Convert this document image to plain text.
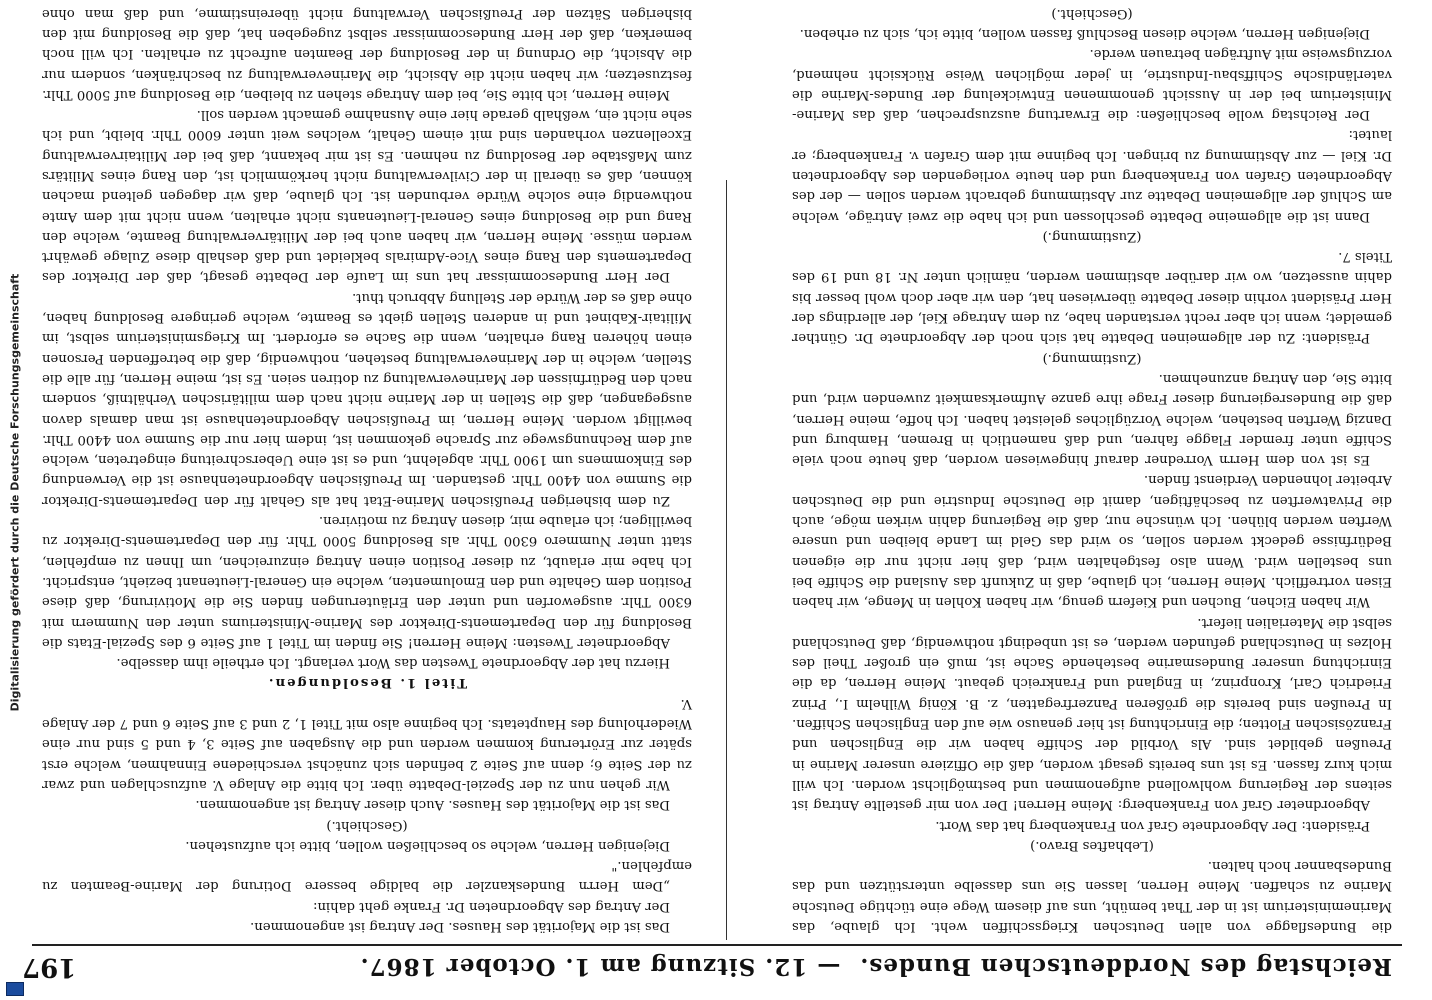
Reichstag des Norddeutschen Bundes. — 12. Sitzung am 1. October 1867.
197

die Bundesflagge von allen Deutschen Kriegsschiffen weht. Ich glaube, das Marineministerium ist in der That bemüht, uns auf diesem Wege eine tüchtige Deutsche Marine zu schaffen. Meine Herren, lassen Sie uns dasselbe unterstützen und das Bundesbanner hoch halten.

(Lebhaftes Bravo.)

Präsident: Der Abgeordnete Graf von Frankenberg hat das Wort.

Abgeordneter Graf von Frankenberg: Meine Herren! Der von mir gestellte Antrag ist seitens der Regierung wohlwollend aufgenommen und bestmöglichst worden. Ich will mich kurz fassen. Es ist uns bereits gesagt worden, daß die Offiziere unserer Marine in Preußen gebildet sind. Als Vorbild der Schiffe haben wir die Englischen und Französischen Flotten; die Einrichtung ist hier genauso wie auf den Englischen Schiffen. In Preußen sind bereits die größeren Panzerfregatten, z. B. König Wilhelm I., Prinz Friedrich Carl, Kronprinz, in England und Frankreich gebaut. Meine Herren, da die Einrichtung unserer Bundesmarine bestehende Sache ist, muß ein großer Theil des Holzes in Deutschland gefunden werden, es ist unbedingt nothwendig, daß Deutschland selbst die Materialien liefert.

Wir haben Eichen, Buchen und Kiefern genug, wir haben Kohlen in Menge, wir haben Eisen vortrefflich. Meine Herren, ich glaube, daß in Zukunft das Ausland die Schiffe bei uns bestellen wird. Wenn also festgehalten wird, daß hier nicht nur die eigenen Bedürfnisse gedeckt werden sollen, so wird das Geld im Lande bleiben und unsere Werften werden blühen. Ich wünsche nur, daß die Regierung dahin wirken möge, auch die Privatwerften zu beschäftigen, damit die Deutsche Industrie und die Deutschen Arbeiter lohnenden Verdienst finden.

Es ist von dem Herrn Vorredner darauf hingewiesen worden, daß heute noch viele Schiffe unter fremder Flagge fahren, und daß namentlich in Bremen, Hamburg und Danzig Werften bestehen, welche Vorzügliches geleistet haben. Ich hoffe, meine Herren, daß die Bundesregierung dieser Frage ihre ganze Aufmerksamkeit zuwenden wird, und bitte Sie, den Antrag anzunehmen.

(Zustimmung.)

Präsident: Zu der allgemeinen Debatte hat sich noch der Abgeordnete Dr. Günther gemeldet; wenn ich aber recht verstanden habe, zu dem Antrage Kiel, der allerdings der Herr Präsident vorhin dieser Debatte überwiesen hat, den wir aber doch wohl besser bis dahin aussetzen, wo wir darüber abstimmen werden, nämlich unter Nr. 18 und 19 des Titels 7.

(Zustimmung.)

Dann ist die allgemeine Debatte geschlossen und ich habe die zwei Anträge, welche am Schluß der allgemeinen Debatte zur Abstimmung gebracht werden sollen — der des Abgeordneten Grafen von Frankenberg und den heute vorliegenden des Abgeordneten Dr. Kiel — zur Abstimmung zu bringen. Ich beginne mit dem Grafen v. Frankenberg; er lautet:

Der Reichstag wolle beschließen: die Erwartung auszusprechen, daß das Marine-Ministerium bei der in Aussicht genommenen Entwickelung der Bundes-Marine die vaterländische Schiffsbau-Industrie, in jeder möglichen Weise Rücksicht nehmend, vorzugsweise mit Aufträgen betrauen werde.

Diejenigen Herren, welche diesen Beschluß fassen wollen, bitte ich, sich zu erheben.

(Geschieht.)

Das ist die Majorität des Hauses. Der Antrag ist angenommen.

Der Antrag des Abgeordneten Dr. Franke geht dahin:

„Dem Herrn Bundeskanzler die baldige bessere Dotirung der Marine-Beamten zu empfehlen."

Diejenigen Herren, welche so beschließen wollen, bitte ich aufzustehen.

(Geschieht.)

Das ist die Majorität des Hauses. Auch dieser Antrag ist angenommen.

Wir gehen nun zu der Speziel-Debatte über. Ich bitte die Anlage V. aufzuschlagen und zwar zu der Seite 6; denn auf Seite 2 befinden sich zunächst verschiedene Einnahmen, welche erst später zur Erörterung kommen werden und die Ausgaben auf Seite 3, 4 und 5 sind nur eine Wiederholung des Hauptetats. Ich beginne also mit Titel 1, 2 und 3 auf Seite 6 und 7 der Anlage V.

Titel 1. Besoldungen.

Hierzu hat der Abgeordnete Twesten das Wort verlangt. Ich ertheile ihm dasselbe.

Abgeordneter Twesten: Meine Herren! Sie finden im Titel 1 auf Seite 6 des Spezial-Etats die Besoldung für den Departements-Direktor des Marine-Ministeriums unter den Nummern mit 6300 Thlr. ausgeworfen und unter den Erläuterungen finden Sie die Motivirung, daß diese Position dem Gehalte und den Emolumenten, welche ein General-Lieutenant bezieht, entspricht. Ich habe mir erlaubt, zu dieser Position einen Antrag einzureichen, um Ihnen zu empfehlen, statt unter Nummero 6300 Thlr. als Besoldung 5000 Thlr. für den Departements-Direktor zu bewilligen; ich erlaube mir, diesen Antrag zu motiviren.

Zu dem bisherigen Preußischen Marine-Etat hat als Gehalt für den Departements-Direktor die Summe von 4400 Thlr. gestanden. Im Preußischen Abgeordnetenhause ist die Verwendung des Einkommens um 1900 Thlr. abgelehnt, und es ist eine Ueberschreitung eingetreten, welche auf dem Rechnungswege zur Sprache gekommen ist, indem hier nur die Summe von 4400 Thlr. bewilligt worden. Meine Herren, im Preußischen Abgeordnetenhause ist man damals davon ausgegangen, daß die Stellen in der Marine nicht nach dem militärischen Verhältniß, sondern nach den Bedürfnissen der Marineverwaltung zu dotiren seien. Es ist, meine Herren, für alle die Stellen, welche in der Marineverwaltung bestehen, nothwendig, daß die betreffenden Personen einen höheren Rang erhalten, wenn die Sache es erfordert. Im Kriegsministerium selbst, im Militair-Kabinet und in anderen Stellen giebt es Beamte, welche geringere Besoldung haben, ohne daß es der Würde der Stellung Abbruch thut.

Der Herr Bundescommissar hat uns im Laufe der Debatte gesagt, daß der Direktor des Departements den Rang eines Vice-Admirals bekleidet und daß deshalb diese Zulage gewährt werden müsse. Meine Herren, wir haben auch bei der Militärverwaltung Beamte, welche den Rang und die Besoldung eines General-Lieutenants nicht erhalten, wenn nicht mit dem Amte nothwendig eine solche Würde verbunden ist. Ich glaube, daß wir dagegen geltend machen können, daß es überall in der Civilverwaltung nicht herkömmlich ist, den Rang eines Militärs zum Maßstabe der Besoldung zu nehmen. Es ist mir bekannt, daß bei der Militairverwaltung Excellenzen vorhanden sind mit einem Gehalt, welches weit unter 6000 Thlr. bleibt, und ich sehe nicht ein, weßhalb gerade hier eine Ausnahme gemacht werden soll.

Meine Herren, ich bitte Sie, bei dem Antrage stehen zu bleiben, die Besoldung auf 5000 Thlr. festzusetzen; wir haben nicht die Absicht, die Marineverwaltung zu beschränken, sondern nur die Absicht, die Ordnung in der Besoldung der Beamten aufrecht zu erhalten. Ich will noch bemerken, daß der Herr Bundescommissar selbst zugegeben hat, daß die Besoldung mit den bisherigen Sätzen der Preußischen Verwaltung nicht übereinstimme, und daß man ohne

Digitalisierung gefördert durch die Deutsche Forschungsgemeinschaft
